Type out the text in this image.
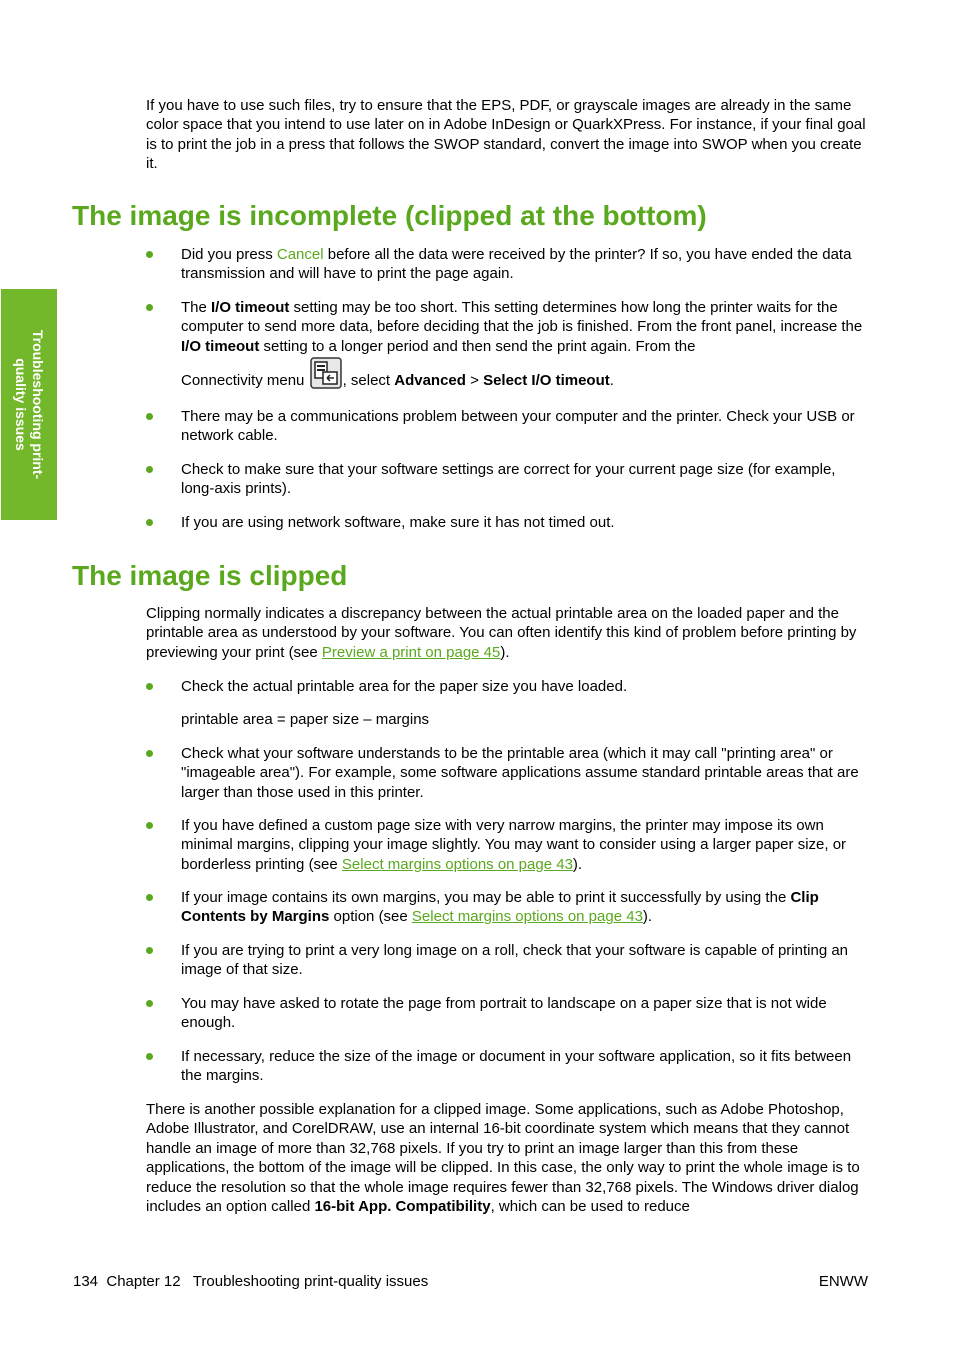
Troubleshooting print-
quality issues

If you have to use such files, try to ensure that the EPS, PDF, or grayscale images are already in the same color space that you intend to use later on in Adobe InDesign or QuarkXPress. For instance, if your final goal is to print the job in a press that follows the SWOP standard, convert the image into SWOP when you create it.

The image is incomplete (clipped at the bottom)

Did you press Cancel before all the data were received by the printer? If so, you have ended the data transmission and will have to print the page again.

The I/O timeout setting may be too short. This setting determines how long the printer waits for the computer to send more data, before deciding that the job is finished. From the front panel, increase the I/O timeout setting to a longer period and then send the print again. From the

Connectivity menu , select Advanced > Select I/O timeout.

There may be a communications problem between your computer and the printer. Check your USB or network cable.

Check to make sure that your software settings are correct for your current page size (for example, long-axis prints).

If you are using network software, make sure it has not timed out.

The image is clipped

Clipping normally indicates a discrepancy between the actual printable area on the loaded paper and the printable area as understood by your software. You can often identify this kind of problem before printing by previewing your print (see Preview a print on page 45).

Check the actual printable area for the paper size you have loaded.

printable area = paper size – margins

Check what your software understands to be the printable area (which it may call "printing area" or "imageable area"). For example, some software applications assume standard printable areas that are larger than those used in this printer.

If you have defined a custom page size with very narrow margins, the printer may impose its own minimal margins, clipping your image slightly. You may want to consider using a larger paper size, or borderless printing (see Select margins options on page 43).

If your image contains its own margins, you may be able to print it successfully by using the Clip Contents by Margins option (see Select margins options on page 43).

If you are trying to print a very long image on a roll, check that your software is capable of printing an image of that size.

You may have asked to rotate the page from portrait to landscape on a paper size that is not wide enough.

If necessary, reduce the size of the image or document in your software application, so it fits between the margins.

There is another possible explanation for a clipped image. Some applications, such as Adobe Photoshop, Adobe Illustrator, and CorelDRAW, use an internal 16-bit coordinate system which means that they cannot handle an image of more than 32,768 pixels. If you try to print an image larger than this from these applications, the bottom of the image will be clipped. In this case, the only way to print the whole image is to reduce the resolution so that the whole image requires fewer than 32,768 pixels. The Windows driver dialog includes an option called 16-bit App. Compatibility, which can be used to reduce

134  Chapter 12   Troubleshooting print-quality issues	ENWW
